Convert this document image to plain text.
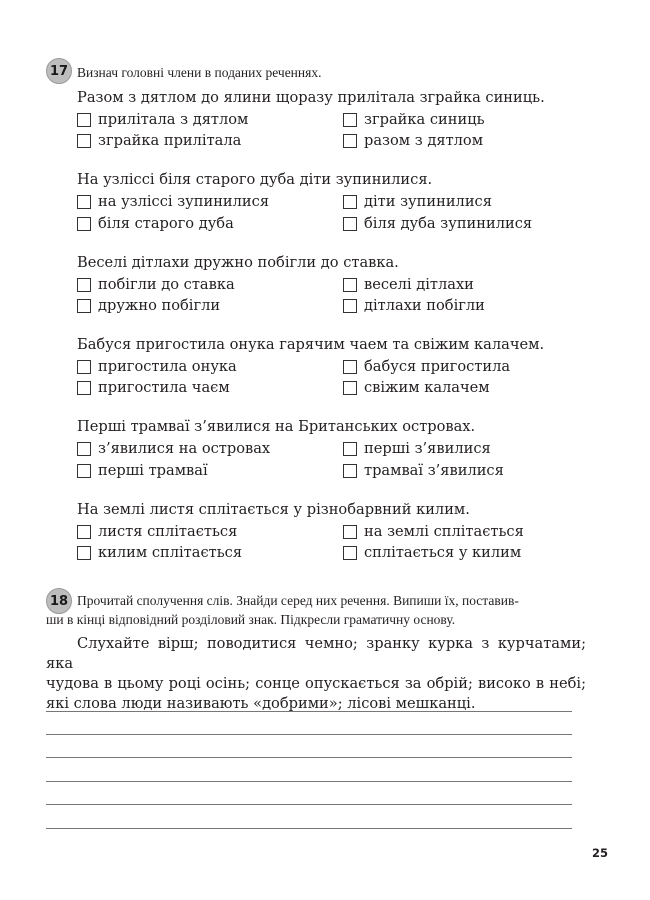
17 Визнач головні члени в поданих реченнях.
Разом з дятлом до ялини щоразу прилітала зграйка синиць.
прилітала з дятлом	зграйка синиць
зграйка прилітала	разом з дятлом
На узліссі біля старого дуба діти зупинилися.
на узліссі зупинилися	діти зупинилися
біля старого дуба	біля дуба зупинилися
Веселі дітлахи дружно побігли до ставка.
побігли до ставка	веселі дітлахи
дружно побігли	дітлахи побігли
Бабуся пригостила онука гарячим чаем та свіжим калачем.
пригостила онука	бабуся пригостила
пригостила чаєм	свіжим калачем
Перші трамваї з’явилися на Британських островах.
з’явилися на островах	перші з’явилися
перші трамваї	трамваї з’явилися
На землі листя сплітається у різнобарвний килим.
листя сплітається	на землі сплітається
килим сплітається	сплітається у килим
18 Прочитай сполучення слів. Знайди серед них речення. Випиши їх, поставив-
ши в кінці відповідний розділовий знак. Підкресли граматичну основу.
Слухайте вірш; поводитися чемно; зранку курка з курчатами; яка
чудова в цьому році осінь; сонце опускається за обрій; високо в небі;
які слова люди називають «добрими»; лісові мешканці.
25
